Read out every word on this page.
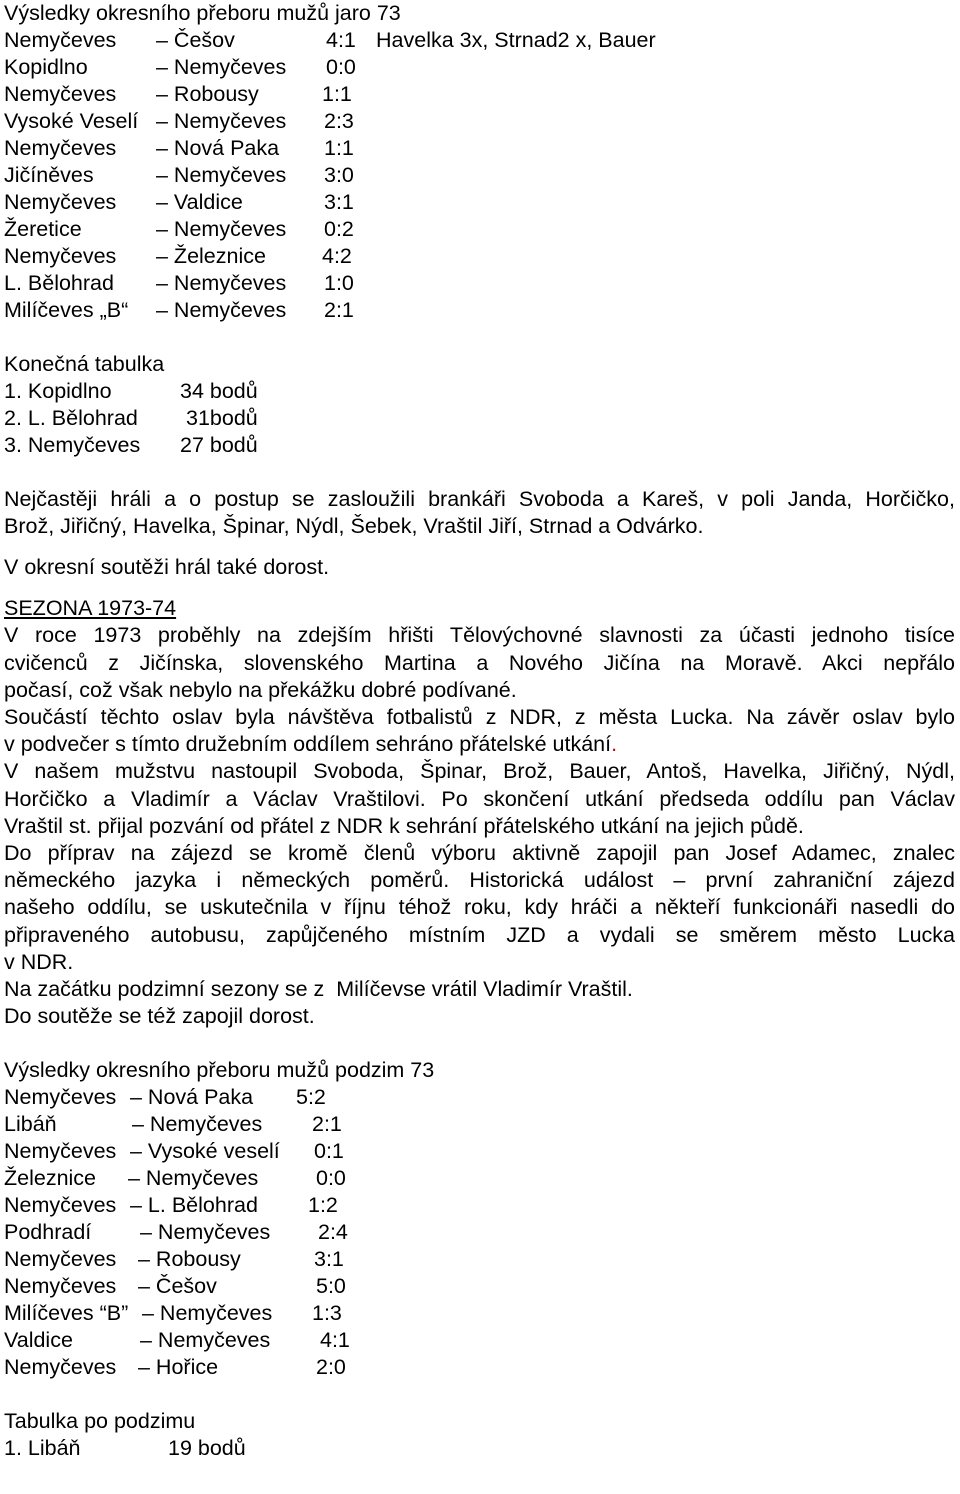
Výsledky okresního přeboru mužů jaro 73
Nemyčeves – Češov	4:1 Havelka 3x, Strnad2 x, Bauer
Kopidlno	– Nemyčeves 0:0
Nemyčeves – Robousy	1:1
Vysoké Veselí – Nemyčeves 2:3
Nemyčeves – Nová Paka 1:1
Jičíněves	– Nemyčeves 3:0
Nemyčeves – Valdice	3:1
Žeretice	– Nemyčeves 0:2
Nemyčeves – Železnice	4:2
L. Bělohrad – Nemyčeves 1:0
Milíčeves „B“ – Nemyčeves 2:1
Konečná tabulka
1. Kopidlno	34 bodů
2. L. Bělohrad 31bodů
3. Nemyčeves 27 bodů
Nejčastěji hráli a o postup se zasloužili brankáři Svoboda a Kareš, v poli Janda, Horčičko,
Brož, Jiřičný, Havelka, Špinar, Nýdl, Šebek, Vraštil Jiří, Strnad a Odvárko.
V okresní soutěži hrál také dorost.
SEZONA 1973-74
V roce 1973 proběhly na zdejším hřišti Tělovýchovné slavnosti za účasti jednoho tisíce
cvičenců z Jičínska, slovenského Martina a Nového Jičína na Moravě. Akci nepřálo
počasí, což však nebylo na překážku dobré podívané.
Součástí těchto oslav byla návštěva fotbalistů z NDR, z města Lucka. Na závěr oslav bylo
v podvečer s tímto družebním oddílem sehráno přátelské utkání.
V našem mužstvu nastoupil Svoboda, Špinar, Brož, Bauer, Antoš, Havelka, Jiřičný, Nýdl,
Horčičko a Vladimír a Václav Vraštilovi. Po skončení utkání předseda oddílu pan Václav
Vraštil st. přijal pozvání od přátel z NDR k sehrání přátelského utkání na jejich půdě.
Do příprav na zájezd se kromě členů výboru aktivně zapojil pan Josef Adamec, znalec
německého jazyka i německých poměrů. Historická událost – první zahraniční zájezd
našeho oddílu, se uskutečnila v říjnu téhož roku, kdy hráči a někteří funkcionáři nasedli do
připraveného autobusu, zapůjčeného místním JZD a vydali se směrem město Lucka
v NDR.
Na začátku podzimní sezony se z  Milíčevse vrátil Vladimír Vraštil.
Do soutěže se též zapojil dorost.
Výsledky okresního přeboru mužů podzim 73
Nemyčeves – Nová Paka 5:2
Libáň	– Nemyčeves 2:1
Nemyčeves – Vysoké veselí 0:1
Železnice – Nemyčeves	0:0
Nemyčeves – L. Bělohrad 1:2
Podhradí – Nemyčeves 2:4
Nemyčeves – Robousy	3:1
Nemyčeves – Češov	5:0
Milíčeves “B” – Nemyčeves 1:3
Valdice	– Nemyčeves 4:1
Nemyčeves – Hořice	2:0
Tabulka po podzimu
1. Libáň	19 bodů
